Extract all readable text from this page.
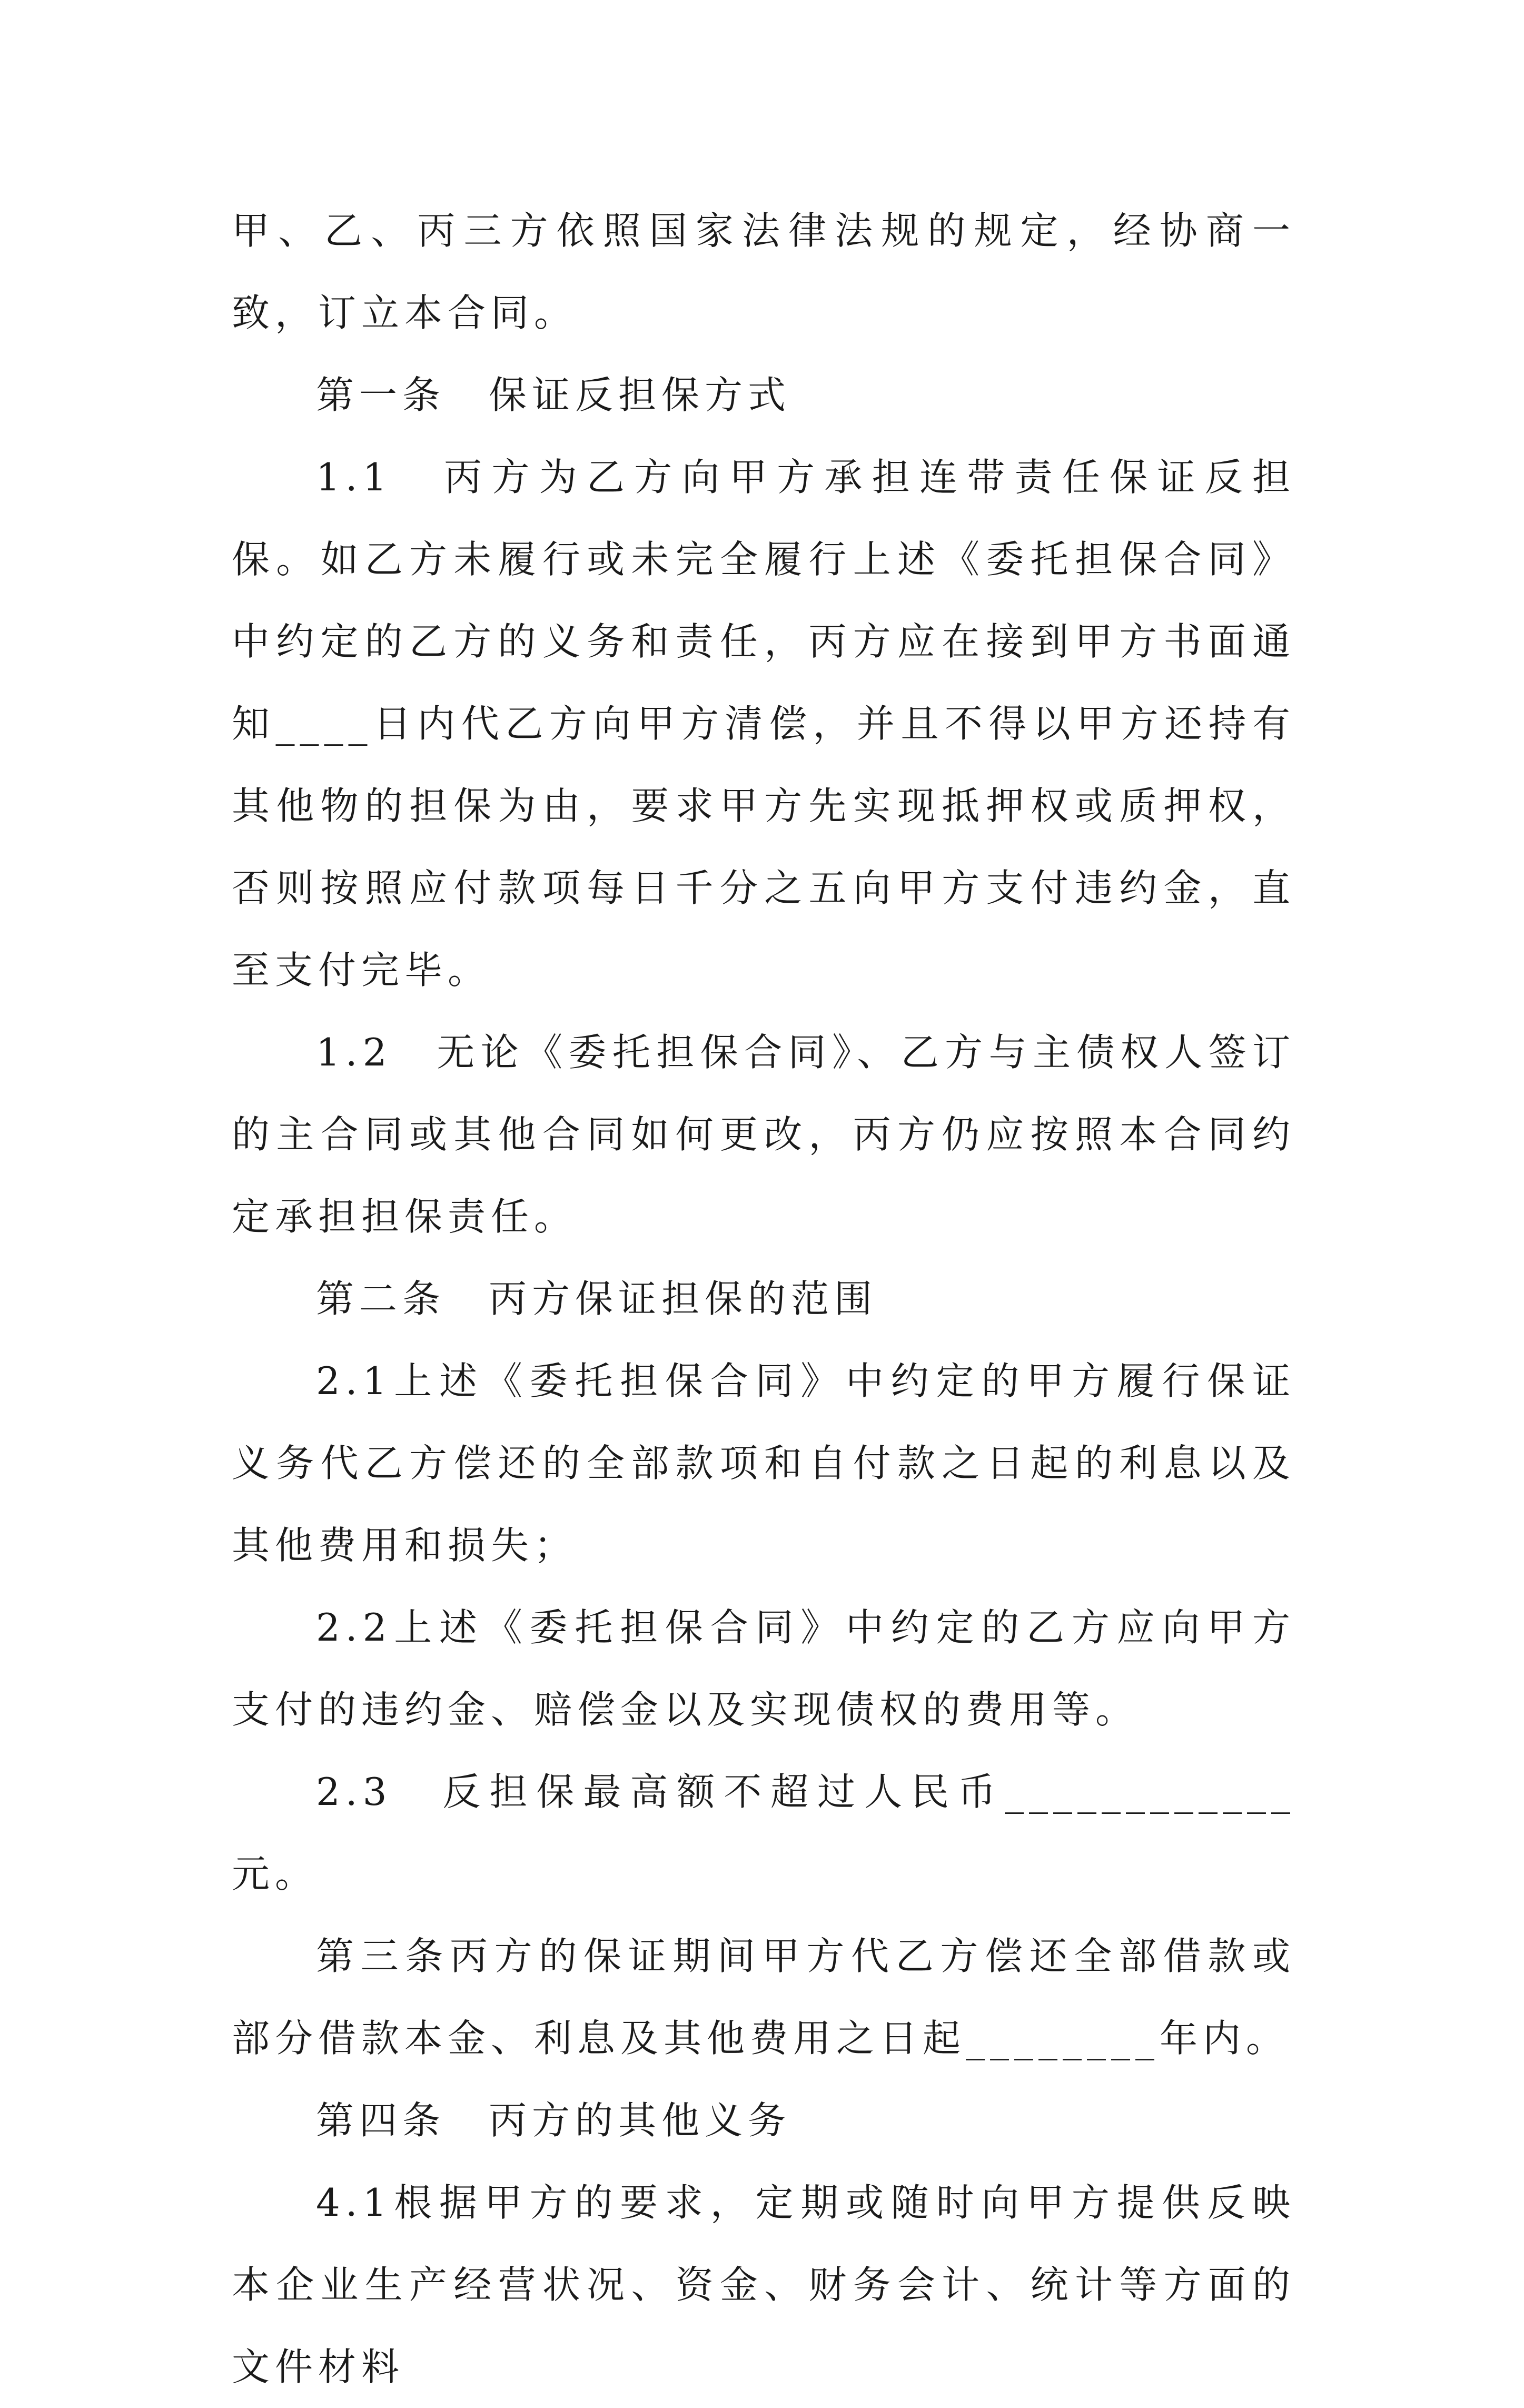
甲、乙、丙三方依照国家法律法规的规定，经协商一致，订立本合同。

第一条　保证反担保方式

1.1　丙方为乙方向甲方承担连带责任保证反担保。如乙方未履行或未完全履行上述《委托担保合同》中约定的乙方的义务和责任，丙方应在接到甲方书面通知____日内代乙方向甲方清偿，并且不得以甲方还持有其他物的担保为由，要求甲方先实现抵押权或质押权，否则按照应付款项每日千分之五向甲方支付违约金，直至支付完毕。

1.2　无论《委托担保合同》、乙方与主债权人签订的主合同或其他合同如何更改，丙方仍应按照本合同约定承担担保责任。

第二条　丙方保证担保的范围

2.1上述《委托担保合同》中约定的甲方履行保证义务代乙方偿还的全部款项和自付款之日起的利息以及其他费用和损失；

2.2上述《委托担保合同》中约定的乙方应向甲方支付的违约金、赔偿金以及实现债权的费用等。

2.3　反担保最高额不超过人民币____________元。

第三条丙方的保证期间甲方代乙方偿还全部借款或部分借款本金、利息及其他费用之日起________年内。

第四条　丙方的其他义务

4.1根据甲方的要求，定期或随时向甲方提供反映本企业生产经营状况、资金、财务会计、统计等方面的文件材料
